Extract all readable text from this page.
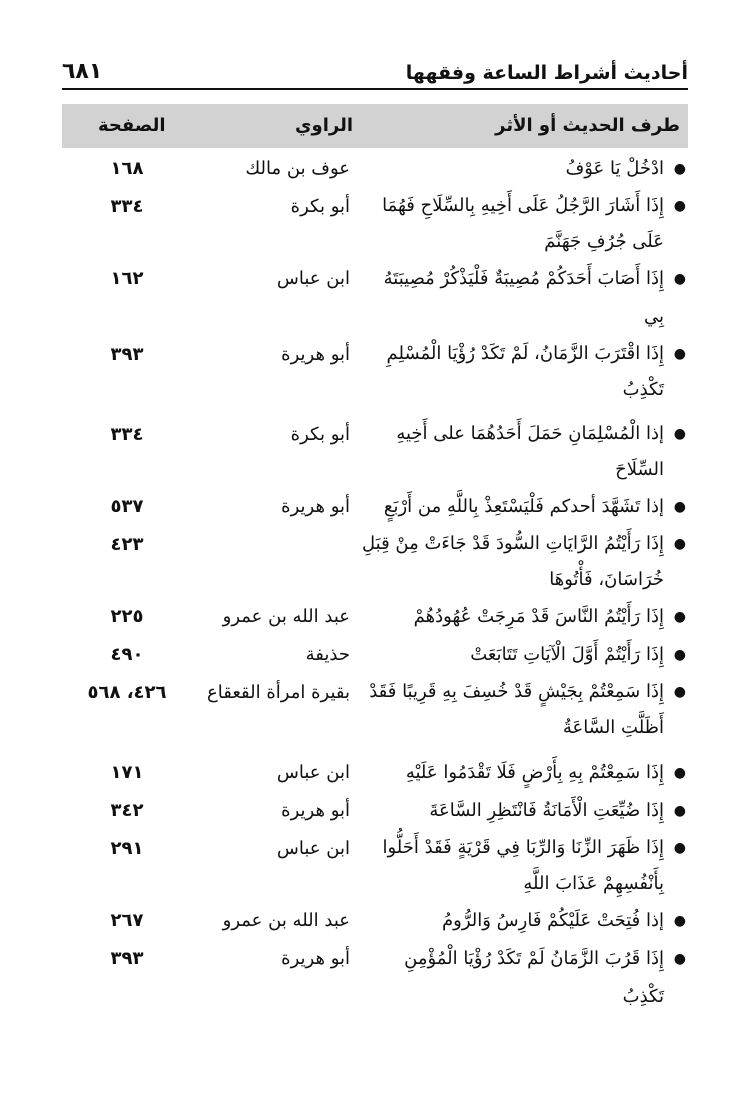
أحاديث أشراط الساعة وفقهها
٦٨١
طرف الحديث أو الأثر
الراوي
الصفحة
●
ادْخُلْ يَا عَوْفُ
عوف بن مالك
١٦٨
●
إِذَا أَشَارَ الرَّجُلُ عَلَى أَخِيهِ بِالسِّلَاحِ فَهُمَا عَلَى جُرُفِ جَهَنَّمَ
أبو بكرة
٣٣٤
●
إِذَا أَصَابَ أَحَدَكُمْ مُصِيبَةٌ فَلْيَذْكُرْ مُصِيبَتَهُ بِي
ابن عباس
١٦٢
●
إِذَا اقْتَرَبَ الزَّمَانُ، لَمْ تَكَدْ رُؤْيَا الْمُسْلِمِ تَكْذِبُ
أبو هريرة
٣٩٣
●
إذا الْمُسْلِمَانِ حَمَلَ أَحَدُهُمَا على أَخِيهِ السِّلَاحَ
أبو بكرة
٣٣٤
●
إذا تَشَهَّدَ أحدكم فَلْيَسْتَعِذْ بِاللَّهِ من أَرْبَعٍ
أبو هريرة
٥٣٧
●
إِذَا رَأَيْتُمُ الرَّايَاتِ السُّودَ قَدْ جَاءَتْ مِنْ قِبَلِ خُرَاسَانَ، فَأْتُوهَا
٤٢٣
●
إِذَا رَأَيْتُمُ النَّاسَ قَدْ مَرِجَتْ عُهُودُهُمْ
عبد الله بن عمرو
٢٢٥
●
إِذَا رَأَيْتُمْ أَوَّلَ الْآيَاتِ تَتَابَعَتْ
حذيفة
٤٩٠
●
إِذَا سَمِعْتُمْ بِجَيْشٍ قَدْ خُسِفَ بِهِ قَرِيبًا فَقَدْ أَظَلَّتِ السَّاعَةُ
بقيرة امرأة القعقاع
٤٢٦، ٥٦٨
●
إِذَا سَمِعْتُمْ بِهِ بِأَرْضٍ فَلَا تَقْدَمُوا عَلَيْهِ
ابن عباس
١٧١
●
إِذَا ضُيِّعَتِ الْأَمَانَةُ فَانْتَظِرِ السَّاعَةَ
أبو هريرة
٣٤٢
●
إِذَا ظَهَرَ الزِّنَا وَالرِّبَا فِي قَرْيَةٍ فَقَدْ أَحَلُّوا بِأَنْفُسِهِمْ عَذَابَ اللَّهِ
ابن عباس
٢٩١
●
إذا فُتِحَتْ عَلَيْكُمْ فَارِسُ وَالرُّومُ
عبد الله بن عمرو
٢٦٧
●
إِذَا قَرُبَ الزَّمَانُ لَمْ تَكَدْ رُؤْيَا الْمُؤْمِنِ تَكْذِبُ
أبو هريرة
٣٩٣
